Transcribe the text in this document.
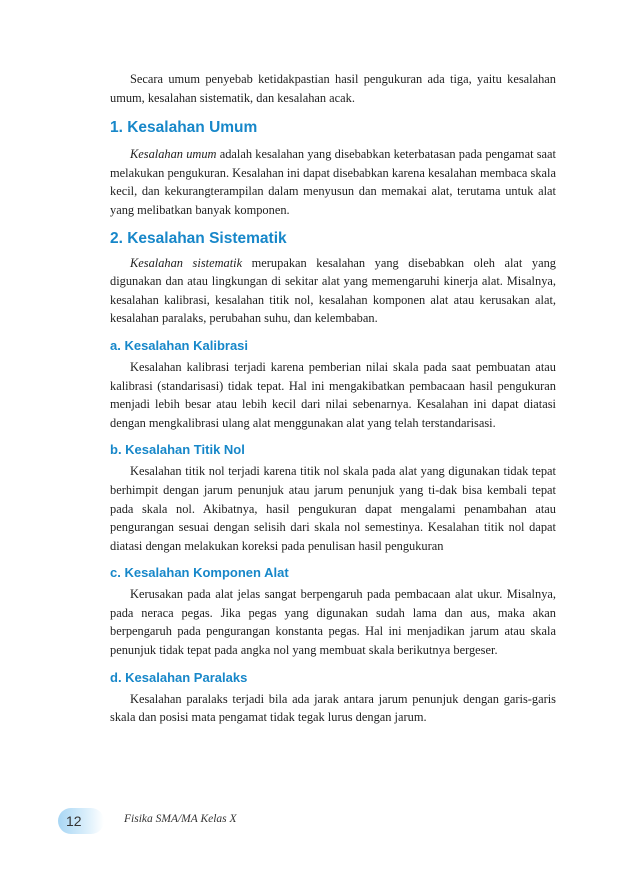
Secara umum penyebab ketidakpastian hasil pengukuran ada tiga, yaitu kesalahan umum, kesalahan sistematik, dan kesalahan acak.

1. Kesalahan Umum

Kesalahan umum adalah kesalahan yang disebabkan keterbatasan pada pengamat saat melakukan pengukuran. Kesalahan ini dapat disebabkan karena kesalahan membaca skala kecil, dan kekurangterampilan dalam menyusun dan memakai alat, terutama untuk alat yang melibatkan banyak komponen.

2. Kesalahan Sistematik

Kesalahan sistematik merupakan kesalahan yang disebabkan oleh alat yang digunakan dan atau lingkungan di sekitar alat yang memengaruhi kinerja alat. Misalnya, kesalahan kalibrasi, kesalahan titik nol, kesalahan komponen alat atau kerusakan alat, kesalahan paralaks, perubahan suhu, dan kelembaban.

a. Kesalahan Kalibrasi

Kesalahan kalibrasi terjadi karena pemberian nilai skala pada saat pembuatan atau kalibrasi (standarisasi) tidak tepat. Hal ini mengakibatkan pembacaan hasil pengukuran menjadi lebih besar atau lebih kecil dari nilai sebenarnya. Kesalahan ini dapat diatasi dengan mengkalibrasi ulang alat menggunakan alat yang telah terstandarisasi.

b. Kesalahan Titik Nol

Kesalahan titik nol terjadi karena titik nol skala pada alat yang digunakan tidak tepat berhimpit dengan jarum penunjuk atau jarum penunjuk yang ti-dak bisa kembali tepat pada skala nol. Akibatnya, hasil pengukuran dapat mengalami penambahan atau pengurangan sesuai dengan selisih dari skala nol semestinya. Kesalahan titik nol dapat diatasi dengan melakukan koreksi pada penulisan hasil pengukuran

c. Kesalahan Komponen Alat

Kerusakan pada alat jelas sangat berpengaruh pada pembacaan alat ukur. Misalnya, pada neraca pegas. Jika pegas yang digunakan sudah lama dan aus, maka akan berpengaruh pada pengurangan konstanta pegas. Hal ini menjadikan jarum atau skala penunjuk tidak tepat pada angka nol yang membuat skala berikutnya bergeser.

d. Kesalahan Paralaks

Kesalahan paralaks terjadi bila ada jarak antara jarum penunjuk dengan garis-garis skala dan posisi mata pengamat tidak tegak lurus dengan jarum.

12	Fisika SMA/MA Kelas X
